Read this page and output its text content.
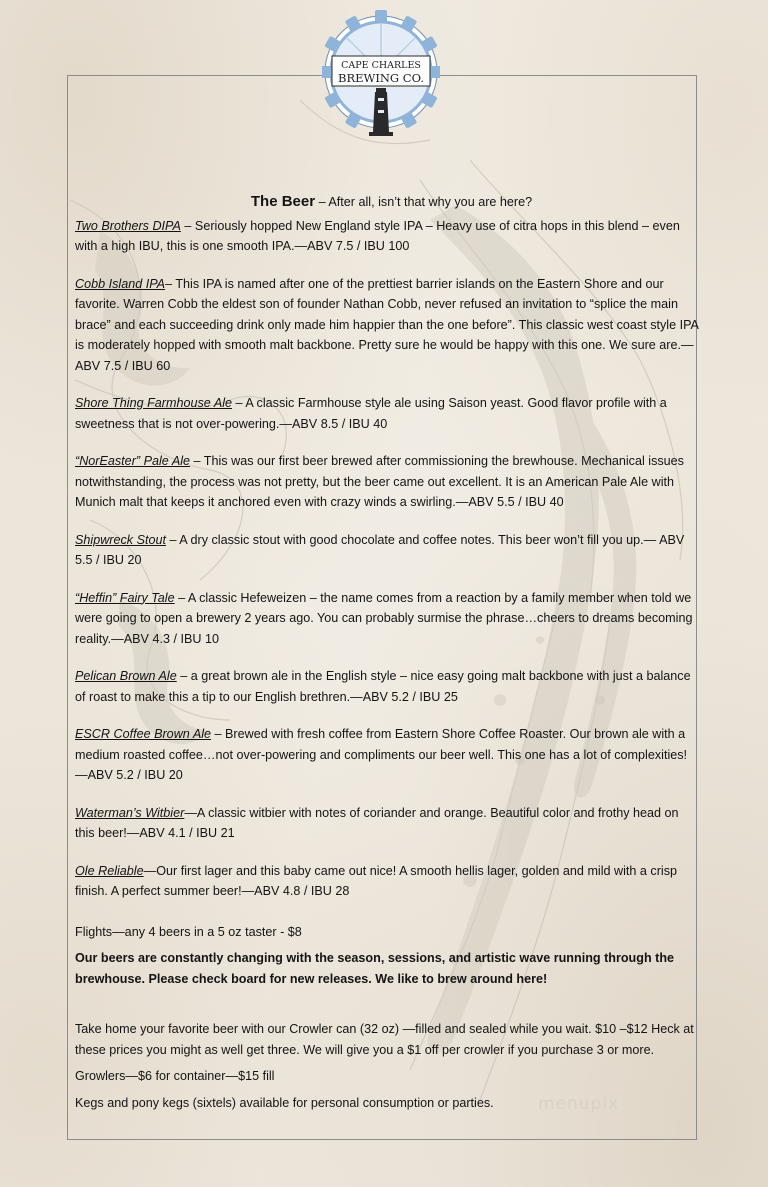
CAPE CHARLES
BREWING CO.
The Beer – After all, isn’t that why you are here?

Two Brothers DIPA – Seriously hopped New England style IPA – Heavy use of citra hops in this blend – even with a high IBU, this is one smooth IPA.—ABV 7.5 / IBU 100

Cobb Island IPA– This IPA is named after one of the prettiest barrier islands on the Eastern Shore and our favorite. Warren Cobb the eldest son of founder Nathan Cobb, never refused an invitation to “splice the main brace” and each succeeding drink only made him happier than the one before”. This classic west coast style IPA is moderately hopped with smooth malt backbone. Pretty sure he would be happy with this one. We sure are.—ABV 7.5 / IBU 60

Shore Thing Farmhouse Ale – A classic Farmhouse style ale using Saison yeast. Good flavor profile with a sweetness that is not over-powering.—ABV 8.5 / IBU 40

“NorEaster” Pale Ale – This was our first beer brewed after commissioning the brewhouse. Mechanical issues notwithstanding, the process was not pretty, but the beer came out excellent. It is an American Pale Ale with Munich malt that keeps it anchored even with crazy winds a swirling.—ABV 5.5 / IBU 40

Shipwreck Stout – A dry classic stout with good chocolate and coffee notes. This beer won’t fill you up.— ABV 5.5 / IBU 20

“Heffin” Fairy Tale – A classic Hefeweizen – the name comes from a reaction by a family member when told we were going to open a brewery 2 years ago. You can probably surmise the phrase…cheers to dreams becoming reality.—ABV 4.3 / IBU 10

Pelican Brown Ale – a great brown ale in the English style – nice easy going malt backbone with just a balance of roast to make this a tip to our English brethren.—ABV 5.2 / IBU 25

ESCR Coffee Brown Ale – Brewed with fresh coffee from Eastern Shore Coffee Roaster. Our brown ale with a medium roasted coffee…not over-powering and compliments our beer well. This one has a lot of complexities! —ABV 5.2 / IBU 20

Waterman’s Witbier—A classic witbier with notes of coriander and orange. Beautiful color and frothy head on this beer!—ABV 4.1 / IBU 21

Ole Reliable—Our first lager and this baby came out nice! A smooth hellis lager, golden and mild with a crisp finish. A perfect summer beer!—ABV 4.8 / IBU 28

Flights—any 4 beers in a 5 oz taster - $8

Our beers are constantly changing with the season, sessions, and artistic wave running through the brewhouse. Please check board for new releases. We like to brew around here!

Take home your favorite beer with our Crowler can (32 oz) —filled and sealed while you wait. $10 –$12 Heck at these prices you might as well get three. We will give you a $1 off per crowler if you purchase 3 or more.

Growlers—$6 for container—$15 fill

Kegs and pony kegs (sixtels) available for personal consumption or parties.	menupix
